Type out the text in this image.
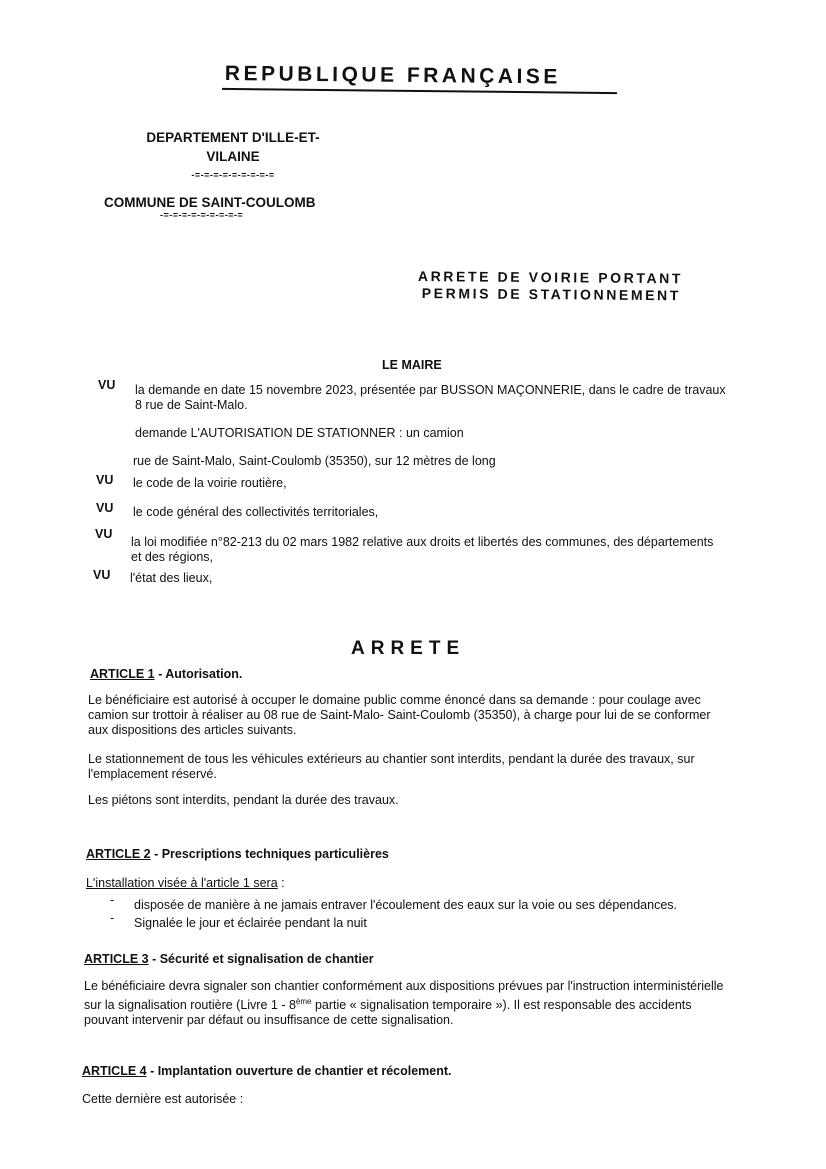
REPUBLIQUE FRANÇAISE
DEPARTEMENT D'ILLE-ET-
VILAINE
-=-=-=-=-=-=-=-=-=
COMMUNE DE SAINT-COULOMB
-=-=-=-=-=-=-=-=-=
ARRETE DE VOIRIE PORTANT
PERMIS DE STATIONNEMENT
LE MAIRE
VU la demande en date 15 novembre 2023, présentée par BUSSON MAÇONNERIE, dans le cadre de travaux
8 rue de Saint-Malo.
demande L'AUTORISATION DE STATIONNER : un camion
rue de Saint-Malo, Saint-Coulomb (35350), sur 12 mètres de long
VU le code de la voirie routière,
VU le code général des collectivités territoriales,
VU
la loi modifiée n°82-213 du 02 mars 1982 relative aux droits et libertés des communes, des départements
et des régions,
VU l'état des lieux,
ARRETE
ARTICLE 1 - Autorisation.
Le bénéficiaire est autorisé à occuper le domaine public comme énoncé dans sa demande : pour coulage avec
camion sur trottoir à réaliser au 08 rue de Saint-Malo- Saint-Coulomb (35350), à charge pour lui de se conformer
aux dispositions des articles suivants.
Le stationnement de tous les véhicules extérieurs au chantier sont interdits, pendant la durée des travaux, sur
l'emplacement réservé.
Les piétons sont interdits, pendant la durée des travaux.
ARTICLE 2 - Prescriptions techniques particulières
L'installation visée à l'article 1 sera :
- disposée de manière à ne jamais entraver l'écoulement des eaux sur la voie ou ses dépendances.
- Signalée le jour et éclairée pendant la nuit
ARTICLE 3 - Sécurité et signalisation de chantier
Le bénéficiaire devra signaler son chantier conformément aux dispositions prévues par l'instruction interministérielle
sur la signalisation routière (Livre 1 - 8ème partie « signalisation temporaire »). Il est responsable des accidents
pouvant intervenir par défaut ou insuffisance de cette signalisation.
ARTICLE 4 - Implantation ouverture de chantier et récolement.
Cette dernière est autorisée :
